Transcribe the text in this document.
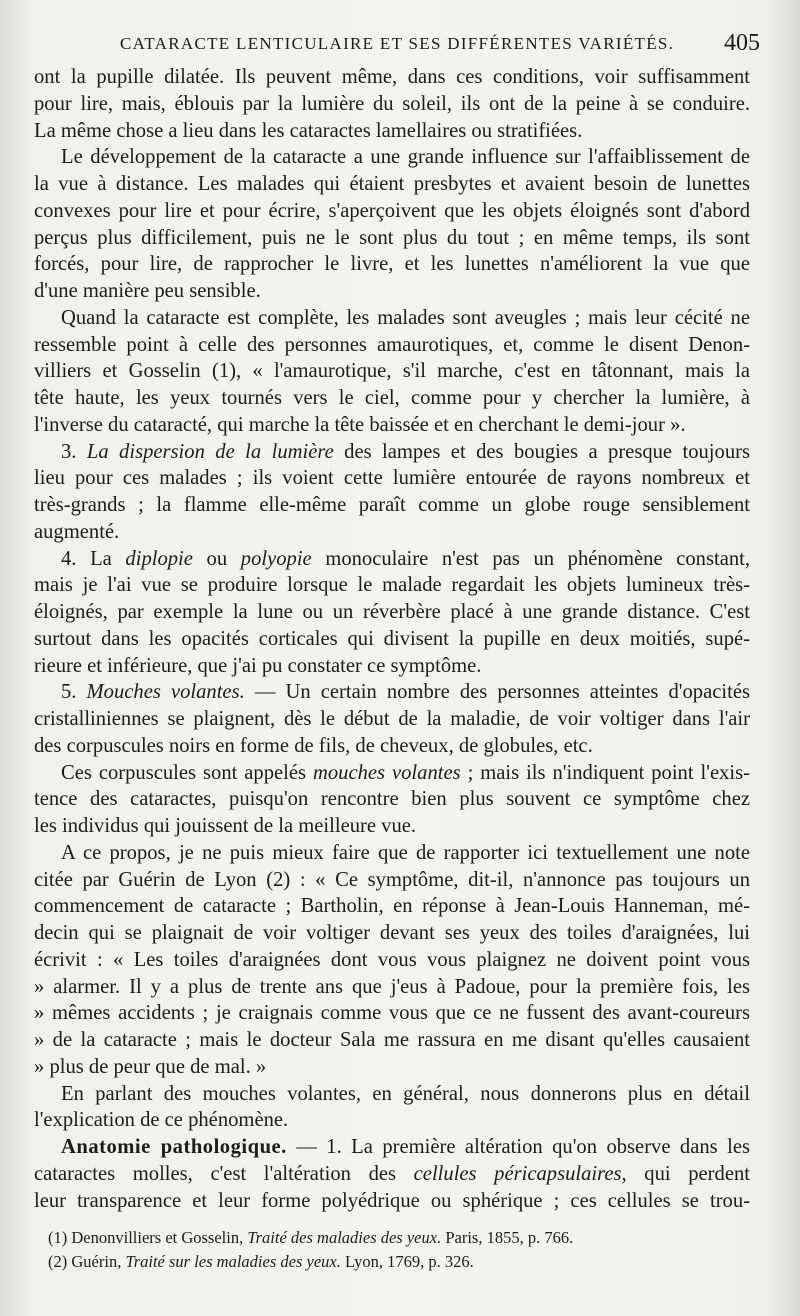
CATARACTE LENTICULAIRE ET SES DIFFÉRENTES VARIÉTÉS. 405
ont la pupille dilatée. Ils peuvent même, dans ces conditions, voir suffisamment
pour lire, mais, éblouis par la lumière du soleil, ils ont de la peine à se conduire.
La même chose a lieu dans les cataractes lamellaires ou stratifiées.
Le développement de la cataracte a une grande influence sur l'affaiblissement de
la vue à distance. Les malades qui étaient presbytes et avaient besoin de lunettes
convexes pour lire et pour écrire, s'aperçoivent que les objets éloignés sont d'abord
perçus plus difficilement, puis ne le sont plus du tout ; en même temps, ils sont
forcés, pour lire, de rapprocher le livre, et les lunettes n'améliorent la vue que
d'une manière peu sensible.
Quand la cataracte est complète, les malades sont aveugles ; mais leur cécité ne
ressemble point à celle des personnes amaurotiques, et, comme le disent Denon-
villiers et Gosselin (1), « l'amaurotique, s'il marche, c'est en tâtonnant, mais la
tête haute, les yeux tournés vers le ciel, comme pour y chercher la lumière, à
l'inverse du cataracté, qui marche la tête baissée et en cherchant le demi-jour ».
3. La dispersion de la lumière des lampes et des bougies a presque toujours
lieu pour ces malades ; ils voient cette lumière entourée de rayons nombreux et
très-grands ; la flamme elle-même paraît comme un globe rouge sensiblement
augmenté.
4. La diplopie ou polyopie monoculaire n'est pas un phénomène constant,
mais je l'ai vue se produire lorsque le malade regardait les objets lumineux très-
éloignés, par exemple la lune ou un réverbère placé à une grande distance. C'est
surtout dans les opacités corticales qui divisent la pupille en deux moitiés, supé-
rieure et inférieure, que j'ai pu constater ce symptôme.
5. Mouches volantes. — Un certain nombre des personnes atteintes d'opacités
cristalliniennes se plaignent, dès le début de la maladie, de voir voltiger dans l'air
des corpuscules noirs en forme de fils, de cheveux, de globules, etc.
Ces corpuscules sont appelés mouches volantes ; mais ils n'indiquent point l'exis-
tence des cataractes, puisqu'on rencontre bien plus souvent ce symptôme chez
les individus qui jouissent de la meilleure vue.
A ce propos, je ne puis mieux faire que de rapporter ici textuellement une note
citée par Guérin de Lyon (2) : « Ce symptôme, dit-il, n'annonce pas toujours un
commencement de cataracte ; Bartholin, en réponse à Jean-Louis Hanneman, mé-
decin qui se plaignait de voir voltiger devant ses yeux des toiles d'araignées, lui
écrivit : « Les toiles d'araignées dont vous vous plaignez ne doivent point vous
» alarmer. Il y a plus de trente ans que j'eus à Padoue, pour la première fois, les
» mêmes accidents ; je craignais comme vous que ce ne fussent des avant-coureurs
» de la cataracte ; mais le docteur Sala me rassura en me disant qu'elles causaient
» plus de peur que de mal. »
En parlant des mouches volantes, en général, nous donnerons plus en détail
l'explication de ce phénomène.
Anatomie pathologique. — 1. La première altération qu'on observe dans les
cataractes molles, c'est l'altération des cellules péricapsulaires, qui perdent
leur transparence et leur forme polyédrique ou sphérique ; ces cellules se trou-
(1) Denonvilliers et Gosselin, Traité des maladies des yeux. Paris, 1855, p. 766.
(2) Guérin, Traité sur les maladies des yeux. Lyon, 1769, p. 326.
